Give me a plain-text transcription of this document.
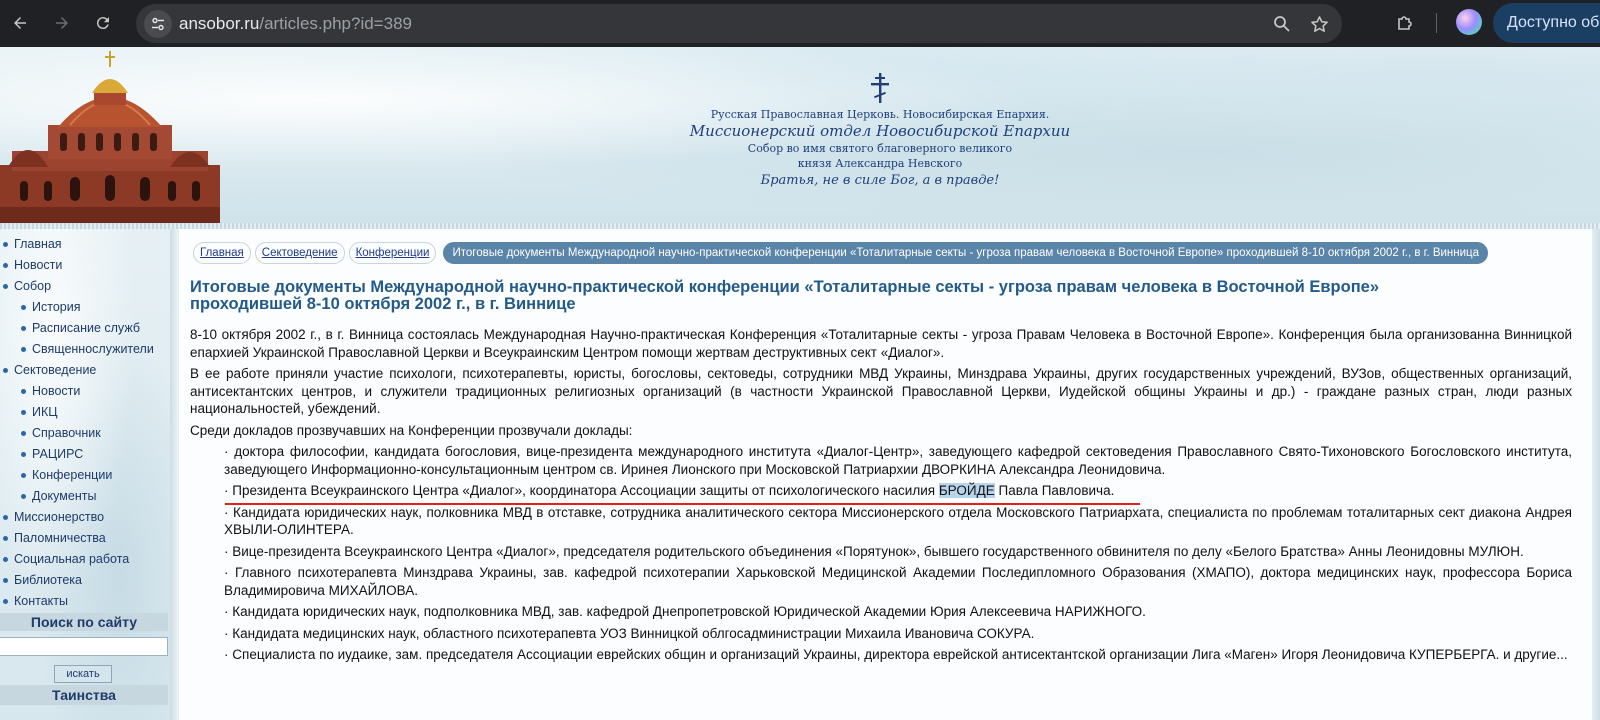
ansobor.ru/articles.php?id=389	Доступно об
Русская Православная Церковь. Новосибирская Епархия.
Миссионерский отдел Новосибирской Епархии
Собор во имя святого благоверного великого
князя Александра Невского
Братья, не в силе Бог, а в правде!
Главная
Новости
Собор
История
Расписание служб
Священнослужители
Сектоведение
Новости
ИКЦ
Справочник
РАЦИРС
Конференции
Документы
Миссионерство
Паломничества
Социальная работа
Библиотека
Контакты
Поиск по сайту
искать
Таинства
Главная	Сектоведение	Конференции	Итоговые документы Международной научно-практической конференции «Тоталитарные секты - угроза правам человека в Восточной Европе» проходившей 8-10 октября 2002 г., в г. Винница
Итоговые документы Международной научно-практической конференции «Тоталитарные секты - угроза правам человека в Восточной Европе» проходившей 8-10 октября 2002 г., в г. Виннице

8-10 октября 2002 г., в г. Винница состоялась Международная Научно-практическая Конференция «Тоталитарные секты - угроза Правам Человека в Восточной Европе». Конференция была организованна Винницкой епархией Украинской Православной Церкви и Всеукраинским Центром помощи жертвам деструктивных сект «Диалог».

В ее работе приняли участие психологи, психотерапевты, юристы, богословы, сектоведы, сотрудники МВД Украины, Минздрава Украины, других государственных учреждений, ВУЗов, общественных организаций, антисектантских центров, и служители традиционных религиозных организаций (в частности Украинской Православной Церкви, Иудейской общины Украины и др.) - граждане разных стран, люди разных национальностей, убеждений.

Среди докладов прозвучавших на Конференции прозвучали доклады:

· доктора философии, кандидата богословия, вице-президента международного института «Диалог-Центр», заведующего кафедрой сектоведения Православного Свято-Тихоновского Богословского института, заведующего Информационно-консультационным центром св. Иринея Лионского при Московской Патриархии ДВОРКИНА Александра Леонидовича.
· Президента Всеукраинского Центра «Диалог», координатора Ассоциации защиты от психологического насилия БРОЙДЕ Павла Павловича.
· Кандидата юридических наук, полковника МВД в отставке, сотрудника аналитического сектора Миссионерского отдела Московского Патриархата, специалиста по проблемам тоталитарных сект диакона Андрея ХВЫЛИ-ОЛИНТЕРА.
· Вице-президента Всеукраинского Центра «Диалог», председателя родительского объединения «Порятунок», бывшего государственного обвинителя по делу «Белого Братства» Анны Леонидовны МУЛЮН.
· Главного психотерапевта Минздрава Украины, зав. кафедрой психотерапии Харьковской Медицинской Академии Последипломного Образования (ХМАПО), доктора медицинских наук, профессора Бориса Владимировича МИХАЙЛОВА.
· Кандидата юридических наук, подполковника МВД, зав. кафедрой Днепропетровской Юридической Академии Юрия Алексеевича НАРИЖНОГО.
· Кандидата медицинских наук, областного психотерапевта УОЗ Винницкой облгосадминистрации Михаила Ивановича СОКУРА.
· Специалиста по иудаике, зам. председателя Ассоциации еврейских общин и организаций Украины, директора еврейской антисектантской организации Лига «Маген» Игоря Леонидовича КУПЕРБЕРГА. и другие...
